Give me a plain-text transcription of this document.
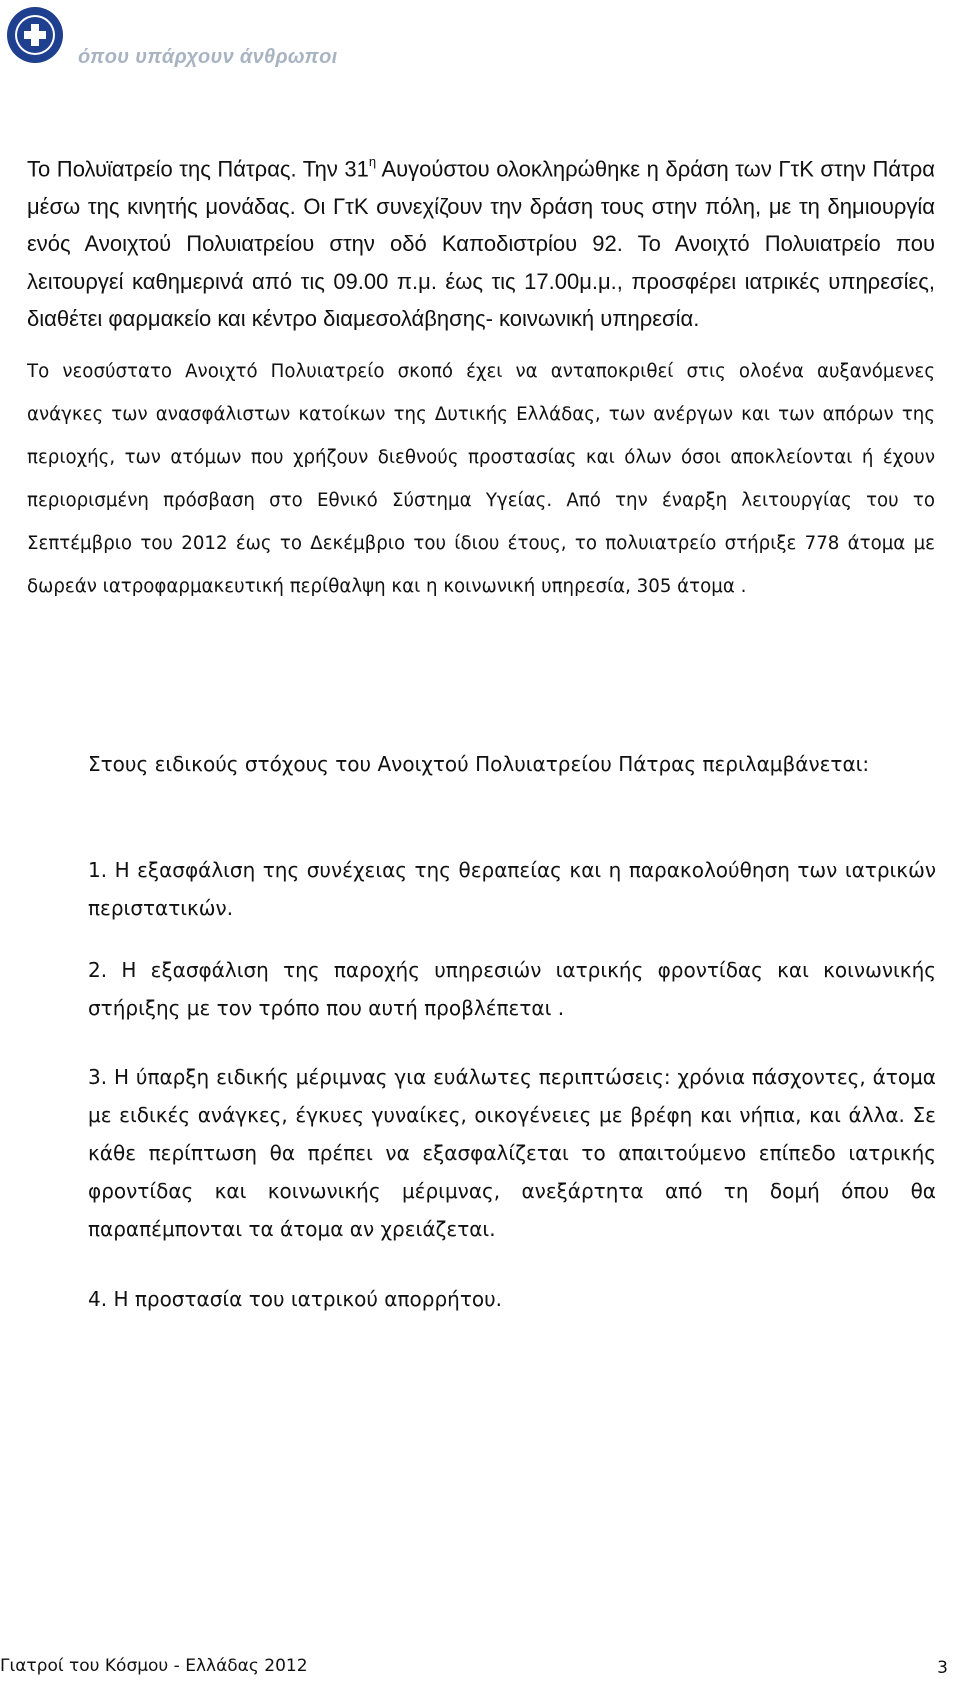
όπου υπάρχουν άνθρωποι
Το Πολυϊατρείο της Πάτρας. Την $31^\eta$ Αυγούστου ολοκληρώθηκε η δράση των ΓτΚ στην Πάτρα μέσω της κινητής μονάδας. Οι ΓτΚ συνεχίζουν την δράση τους στην πόλη, με τη δημιουργία ενός Ανοιχτού Πολυιατρείου στην οδό Καποδιστρίου 92. Το Ανοιχτό Πολυιατρείο που λειτουργεί καθημερινά από τις 09.00 π.μ. έως τις 17.00μ.μ., προσφέρει ιατρικές υπηρεσίες, διαθέτει φαρμακείο και κέντρο διαμεσολάβησης- κοινωνική υπηρεσία.
Το νεοσύστατο Ανοιχτό Πολυιατρείο σκοπό έχει να ανταποκριθεί στις ολοένα αυξανόμενες ανάγκες των ανασφάλιστων κατοίκων της Δυτικής Ελλάδας, των ανέργων και των απόρων της περιοχής, των ατόμων που χρήζουν διεθνούς προστασίας και όλων όσοι αποκλείονται ή έχουν περιορισμένη πρόσβαση στο Εθνικό Σύστημα Υγείας. Από την έναρξη λειτουργίας του το Σεπτέμβριο του 2012 έως το Δεκέμβριο του ίδιου έτους, το πολυιατρείο στήριξε 778 άτομα με δωρεάν ιατροφαρμακευτική περίθαλψη και η κοινωνική υπηρεσία, 305 άτομα .
Στους ειδικούς στόχους του Ανοιχτού Πολυιατρείου Πάτρας περιλαμβάνεται:
1. Η εξασφάλιση της συνέχειας της θεραπείας και η παρακολούθηση των ιατρικών περιστατικών.
2. Η εξασφάλιση της παροχής υπηρεσιών ιατρικής φροντίδας και κοινωνικής στήριξης με τον τρόπο που αυτή προβλέπεται .
3. Η ύπαρξη ειδικής μέριμνας για ευάλωτες περιπτώσεις: χρόνια πάσχοντες, άτομα με ειδικές ανάγκες, έγκυες γυναίκες, οικογένειες με βρέφη και νήπια, και άλλα. Σε κάθε περίπτωση θα πρέπει να εξασφαλίζεται το απαιτούμενο επίπεδο ιατρικής φροντίδας και κοινωνικής μέριμνας, ανεξάρτητα από τη δομή όπου θα παραπέμπονται τα άτομα αν χρειάζεται.
4. Η προστασία του ιατρικού απορρήτου.
Γιατροί του Κόσμου - Ελλάδας 2012	3
